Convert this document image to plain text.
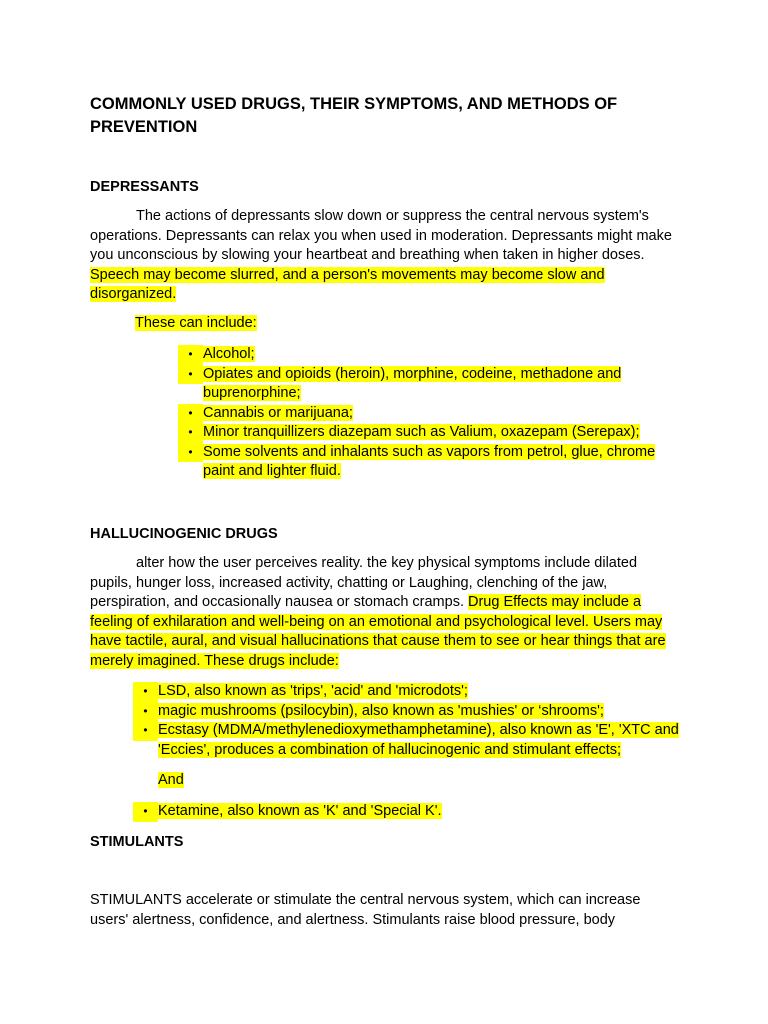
COMMONLY USED DRUGS, THEIR SYMPTOMS, AND METHODS OF PREVENTION
DEPRESSANTS

The actions of depressants slow down or suppress the central nervous system's operations. Depressants can relax you when used in moderation. Depressants might make you unconscious by slowing your heartbeat and breathing when taken in higher doses. Speech may become slurred, and a person's movements may become slow and disorganized.

These can include:

•
Alcohol;
•
Opiates and opioids (heroin), morphine, codeine, methadone and buprenorphine;
•
Cannabis or marijuana;
•
Minor tranquillizers diazepam such as Valium, oxazepam (Serepax);
•
Some solvents and inhalants such as vapors from petrol, glue, chrome paint and lighter fluid.
HALLUCINOGENIC DRUGS

alter how the user perceives reality. the key physical symptoms include dilated pupils, hunger loss, increased activity, chatting or Laughing, clenching of the jaw, perspiration, and occasionally nausea or stomach cramps. Drug Effects may include a feeling of exhilaration and well-being on an emotional and psychological level. Users may have tactile, aural, and visual hallucinations that cause them to see or hear things that are merely imagined. These drugs include:

•
LSD, also known as 'trips', 'acid' and 'microdots';
•
magic mushrooms (psilocybin), also known as 'mushies' or ‘shrooms';
•
Ecstasy (MDMA/methylenedioxymethamphetamine), also known as 'E', 'XTC and 'Eccies', produces a combination of hallucinogenic and stimulant effects;

And

•
Ketamine, also known as 'K' and 'Special K'.
STIMULANTS

STIMULANTS accelerate or stimulate the central nervous system, which can increase users' alertness, confidence, and alertness. Stimulants raise blood pressure, body
